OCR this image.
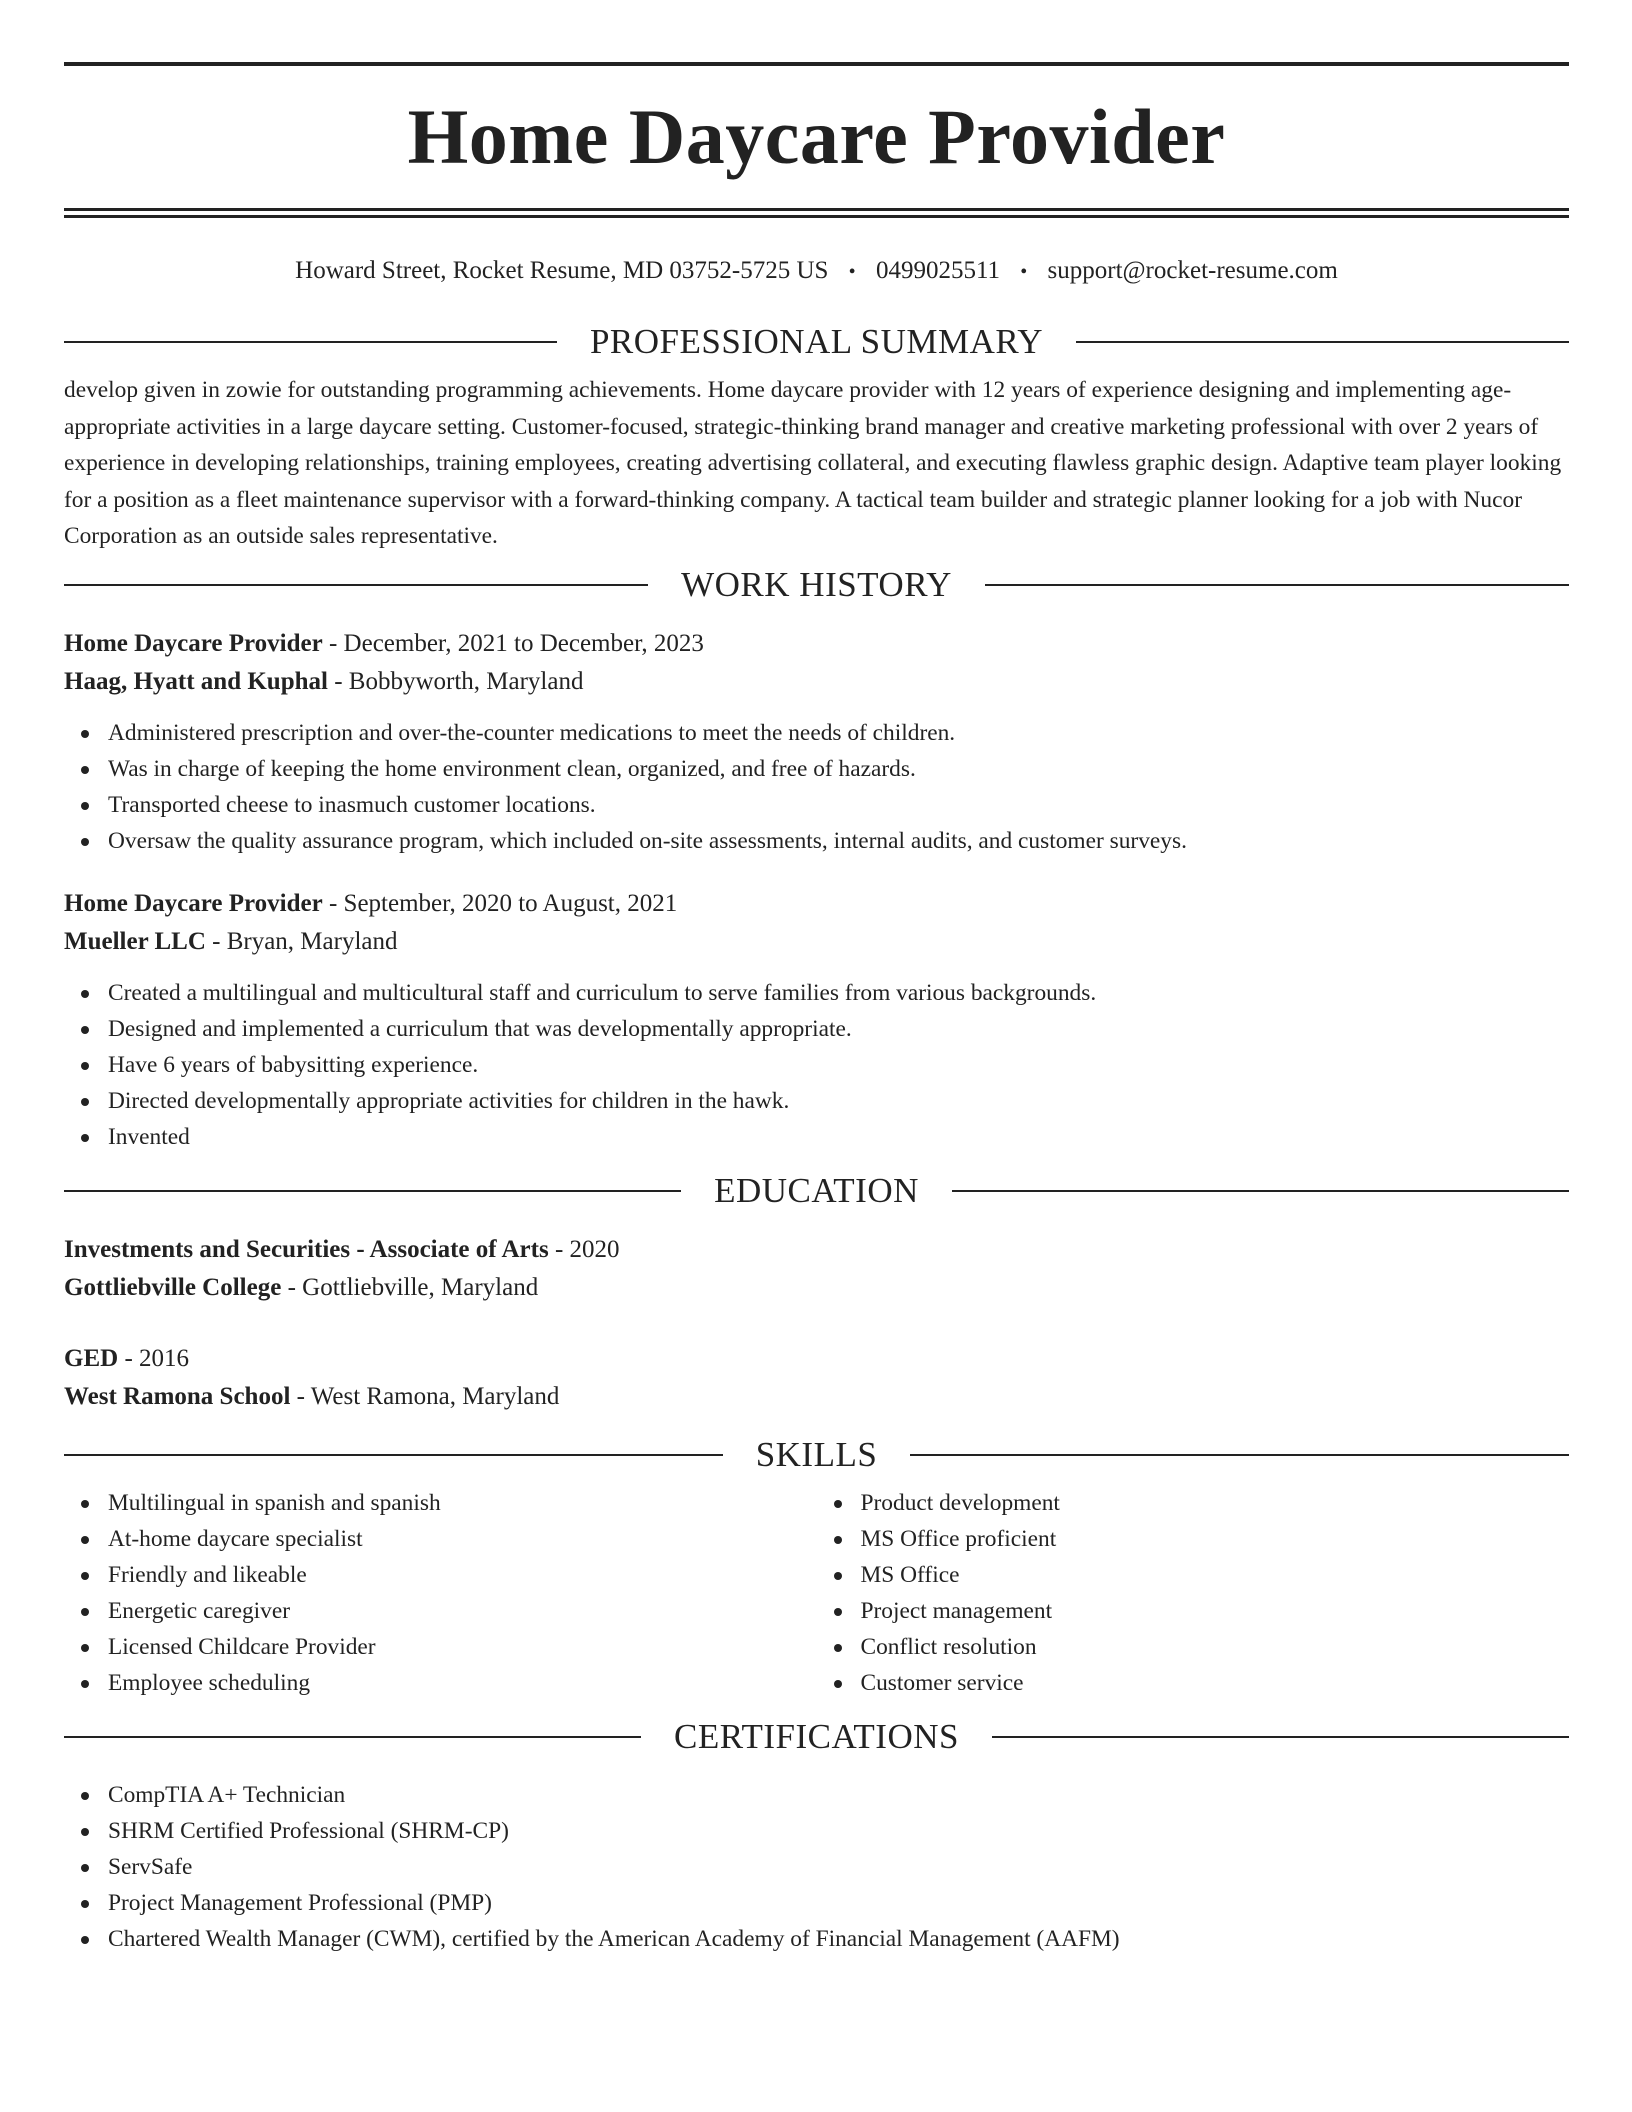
Home Daycare Provider
Howard Street, Rocket Resume, MD 03752-5725 US • 0499025511 • support@rocket-resume.com
PROFESSIONAL SUMMARY

develop given in zowie for outstanding programming achievements. Home daycare provider with 12 years of experience designing and implementing age-appropriate activities in a large daycare setting. Customer-focused, strategic-thinking brand manager and creative marketing professional with over 2 years of experience in developing relationships, training employees, creating advertising collateral, and executing flawless graphic design. Adaptive team player looking for a position as a fleet maintenance supervisor with a forward-thinking company. A tactical team builder and strategic planner looking for a job with Nucor Corporation as an outside sales representative.

WORK HISTORY
Home Daycare Provider - December, 2021 to December, 2023
Haag, Hyatt and Kuphal - Bobbyworth, Maryland
Administered prescription and over-the-counter medications to meet the needs of children.
Was in charge of keeping the home environment clean, organized, and free of hazards.
Transported cheese to inasmuch customer locations.
Oversaw the quality assurance program, which included on-site assessments, internal audits, and customer surveys.
Home Daycare Provider - September, 2020 to August, 2021
Mueller LLC - Bryan, Maryland
Created a multilingual and multicultural staff and curriculum to serve families from various backgrounds.
Designed and implemented a curriculum that was developmentally appropriate.
Have 6 years of babysitting experience.
Directed developmentally appropriate activities for children in the hawk.
Invented
EDUCATION
Investments and Securities - Associate of Arts - 2020
Gottliebville College - Gottliebville, Maryland
GED - 2016
West Ramona School - West Ramona, Maryland
SKILLS
Multilingual in spanish and spanish
At-home daycare specialist
Friendly and likeable
Energetic caregiver
Licensed Childcare Provider
Employee scheduling
Product development
MS Office proficient
MS Office
Project management
Conflict resolution
Customer service
CERTIFICATIONS
CompTIA A+ Technician
SHRM Certified Professional (SHRM-CP)
ServSafe
Project Management Professional (PMP)
Chartered Wealth Manager (CWM), certified by the American Academy of Financial Management (AAFM)
